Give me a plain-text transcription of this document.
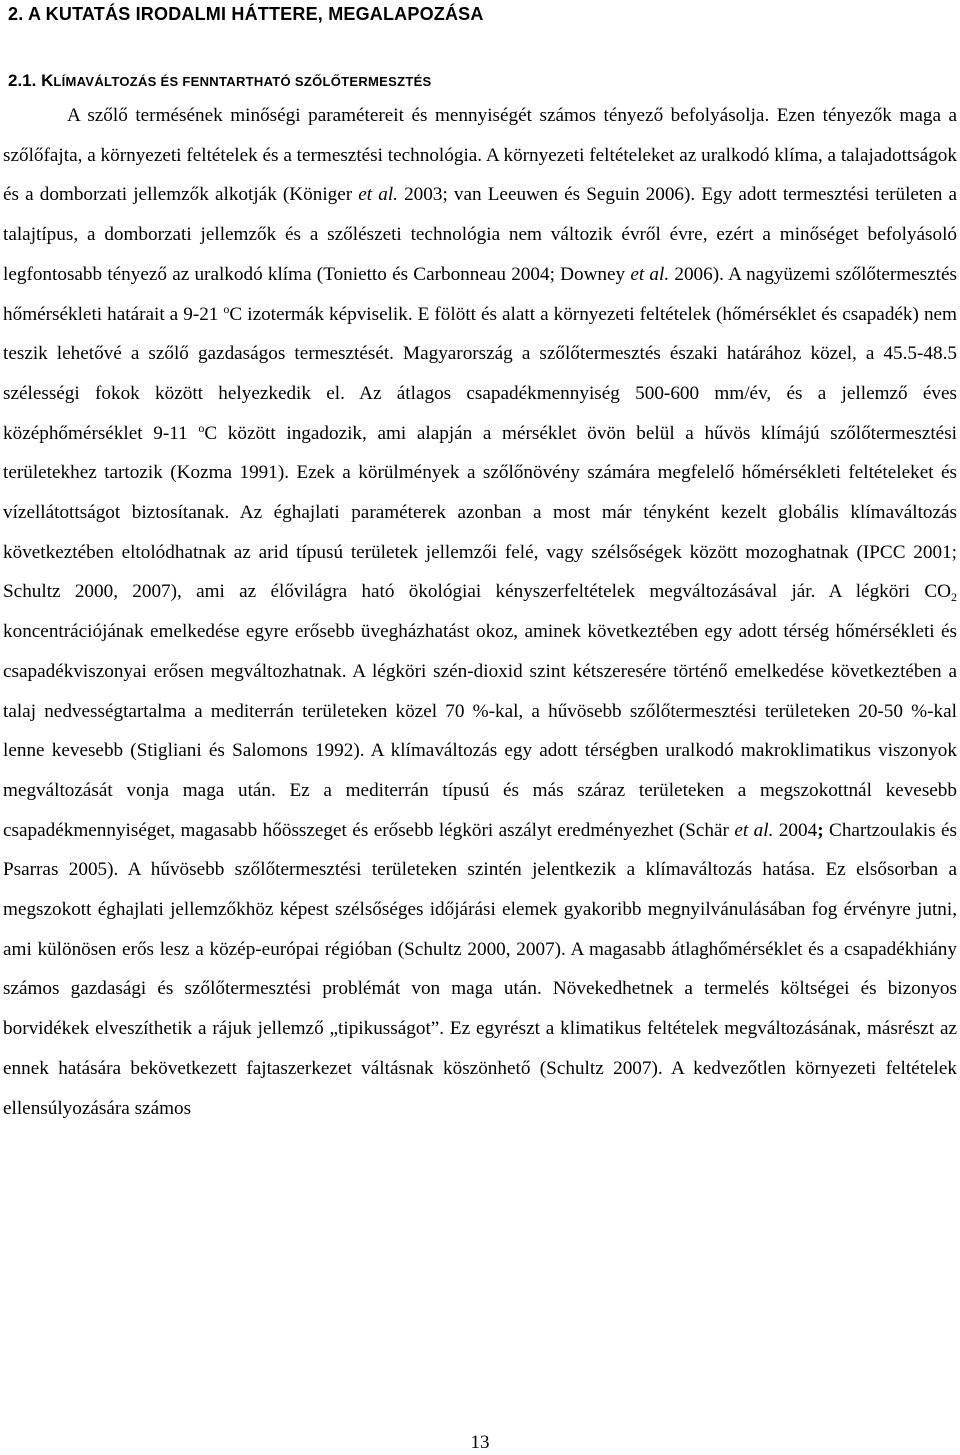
2. A KUTATÁS IRODALMI HÁTTERE, MEGALAPOZÁSA
2.1. KLÍMAVÁLTOZÁS ÉS FENNTARTHATÓ SZŐLŐTERMESZTÉS

A szőlő termésének minőségi paramétereit és mennyiségét számos tényező befolyásolja. Ezen tényezők maga a szőlőfajta, a környezeti feltételek és a termesztési technológia. A környezeti feltételeket az uralkodó klíma, a talajadottságok és a domborzati jellemzők alkotják (Königer et al. 2003; van Leeuwen és Seguin 2006). Egy adott termesztési területen a talajtípus, a domborzati jellemzők és a szőlészeti technológia nem változik évről évre, ezért a minőséget befolyásoló legfontosabb tényező az uralkodó klíma (Tonietto és Carbonneau 2004; Downey et al. 2006). A nagyüzemi szőlőtermesztés hőmérsékleti határait a 9-21 $^o$C izotermák képviselik. E fölött és alatt a környezeti feltételek (hőmérséklet és csapadék) nem teszik lehetővé a szőlő gazdaságos termesztését. Magyarország a szőlőtermesztés északi határához közel, a 45.5-48.5 szélességi fokok között helyezkedik el. Az átlagos csapadékmennyiség 500-600 mm/év, és a jellemző éves középhőmérséklet 9-11 $^o$C között ingadozik, ami alapján a mérséklet övön belül a hűvös klímájú szőlőtermesztési területekhez tartozik (Kozma 1991). Ezek a körülmények a szőlőnövény számára megfelelő hőmérsékleti feltételeket és vízellátottságot biztosítanak. Az éghajlati paraméterek azonban a most már tényként kezelt globális klímaváltozás következtében eltolódhatnak az arid típusú területek jellemzői felé, vagy szélsőségek között mozoghatnak (IPCC 2001; Schultz 2000, 2007), ami az élővilágra ható ökológiai kényszerfeltételek megváltozásával jár. A légköri $CO_2$ koncentrációjának emelkedése egyre erősebb üvegházhatást okoz, aminek következtében egy adott térség hőmérsékleti és csapadékviszonyai erősen megváltozhatnak. A légköri szén-dioxid szint kétszeresére történő emelkedése következtében a talaj nedvességtartalma a mediterrán területeken közel 70 %-kal, a hűvösebb szőlőtermesztési területeken 20-50 %-kal lenne kevesebb (Stigliani és Salomons 1992). A klímaváltozás egy adott térségben uralkodó makroklimatikus viszonyok megváltozását vonja maga után. Ez a mediterrán típusú és más száraz területeken a megszokottnál kevesebb csapadékmennyiséget, magasabb hőösszeget és erősebb légköri aszályt eredményezhet (Schär et al. 2004; Chartzoulakis és Psarras 2005). A hűvösebb szőlőtermesztési területeken szintén jelentkezik a klímaváltozás hatása. Ez elsősorban a megszokott éghajlati jellemzőkhöz képest szélsőséges időjárási elemek gyakoribb megnyilvánulásában fog érvényre jutni, ami különösen erős lesz a közép-európai régióban (Schultz 2000, 2007). A magasabb átlaghőmérséklet és a csapadékhiány számos gazdasági és szőlőtermesztési problémát von maga után. Növekedhetnek a termelés költségei és bizonyos borvidékek elveszíthetik a rájuk jellemző „tipikusságot”. Ez egyrészt a klimatikus feltételek megváltozásának, másrészt az ennek hatására bekövetkezett fajtaszerkezet váltásnak köszönhető (Schultz 2007). A kedvezőtlen környezeti feltételek ellensúlyozására számos

13
